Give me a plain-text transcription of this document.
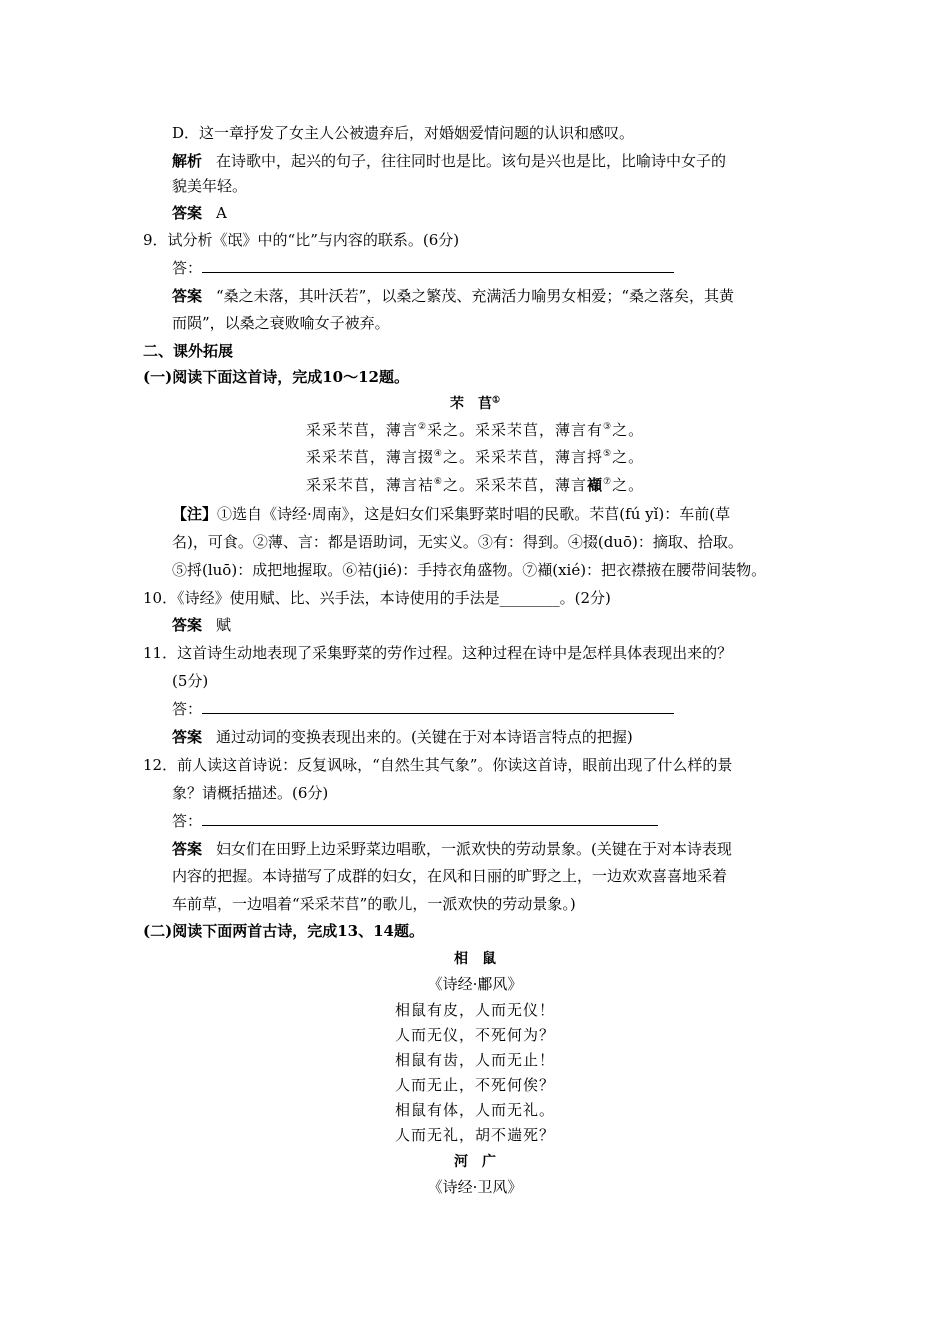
D．这一章抒发了女主人公被遗弃后，对婚姻爱情问题的认识和感叹。
解析 在诗歌中，起兴的句子，往往同时也是比。该句是兴也是比，比喻诗中女子的
貌美年轻。
答案 A
9．试分析《氓》中的“比”与内容的联系。(6分)
答：
答案 “桑之未落，其叶沃若”，以桑之繁茂、充满活力喻男女相爱；“桑之落矣，其黄
而陨”，以桑之衰败喻女子被弃。
二、课外拓展
(一)阅读下面这首诗，完成10～12题。
芣　苢①
采采芣苢，薄言②采之。采采芣苢，薄言有③之。
采采芣苢，薄言掇④之。采采芣苢，薄言捋⑤之。
采采芣苢，薄言袺⑥之。采采芣苢，薄言襭⑦之。
【注】①选自《诗经·周南》，这是妇女们采集野菜时唱的民歌。芣苢(fú yǐ)：车前(草
名)，可食。②薄、言：都是语助词，无实义。③有：得到。④掇(duō)：摘取、拾取。
⑤捋(luō)：成把地握取。⑥袺(jié)：手持衣角盛物。⑦襭(xié)：把衣襟掖在腰带间装物。
10．《诗经》使用赋、比、兴手法，本诗使用的手法是________。(2分)
答案 赋
11．这首诗生动地表现了采集野菜的劳作过程。这种过程在诗中是怎样具体表现出来的？
(5分)
答：
答案 通过动词的变换表现出来的。(关键在于对本诗语言特点的把握)
12．前人读这首诗说：反复讽咏，“自然生其气象”。你读这首诗，眼前出现了什么样的景
象？请概括描述。(6分)
答：
答案 妇女们在田野上边采野菜边唱歌，一派欢快的劳动景象。(关键在于对本诗表现
内容的把握。本诗描写了成群的妇女，在风和日丽的旷野之上，一边欢欢喜喜地采着
车前草，一边唱着“采采芣苢”的歌儿，一派欢快的劳动景象。)
(二)阅读下面两首古诗，完成13、14题。
相　鼠
《诗经·鄘风》
相鼠有皮，人而无仪！
人而无仪，不死何为？
相鼠有齿，人而无止！
人而无止，不死何俟？
相鼠有体，人而无礼。
人而无礼，胡不遄死？
河　广
《诗经·卫风》
